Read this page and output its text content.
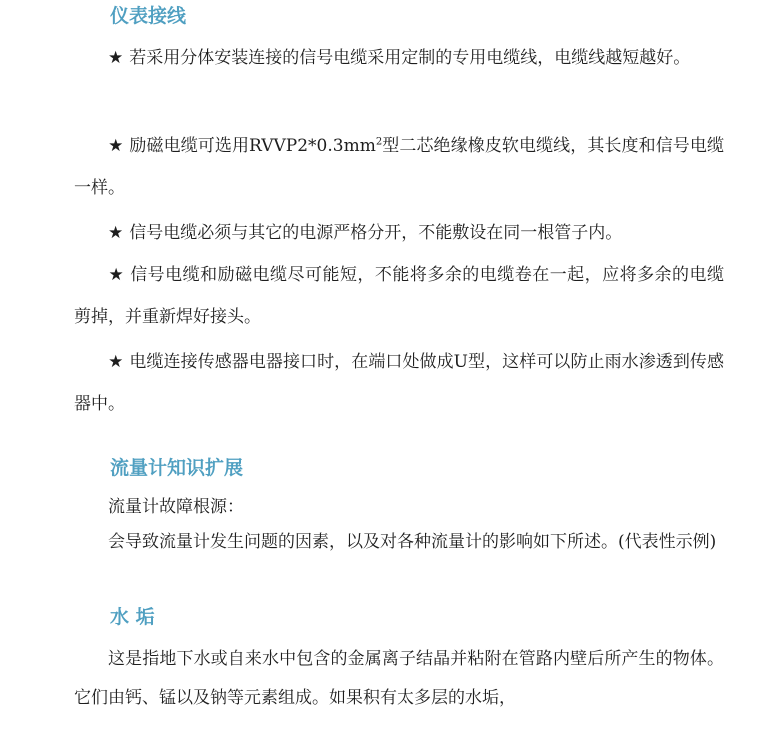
仪表接线

★ 若采用分体安装连接的信号电缆采用定制的专用电缆线，电缆线越短越好。

★ 励磁电缆可选用$RVVP2*0.3mm^2$型二芯绝缘橡皮软电缆线，其长度和信号电缆一样。

★ 信号电缆必须与其它的电源严格分开，不能敷设在同一根管子内。

★ 信号电缆和励磁电缆尽可能短，不能将多余的电缆卷在一起，应将多余的电缆剪掉，并重新焊好接头。

★ 电缆连接传感器电器接口时，在端口处做成U型，这样可以防止雨水渗透到传感器中。

流量计知识扩展

流量计故障根源：

会导致流量计发生问题的因素，以及对各种流量计的影响如下所述。(代表性示例)

水 垢

这是指地下水或自来水中包含的金属离子结晶并粘附在管路内壁后所产生的物体。它们由钙、锰以及钠等元素组成。如果积有太多层的水垢，
